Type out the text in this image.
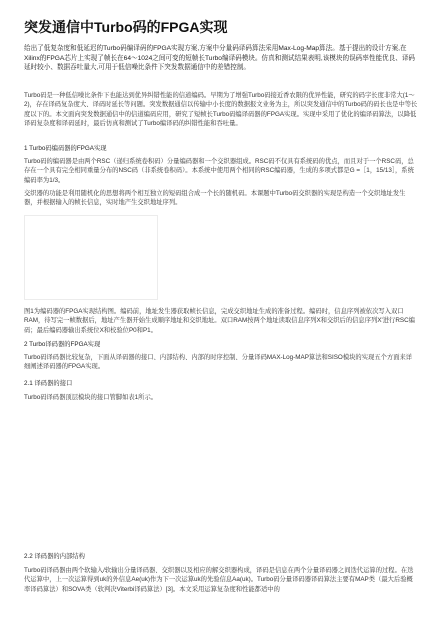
突发通信中Turbo码的FPGA实现

给出了低复杂度和低延迟的Turbo码编译码的FPGA实现方案,方案中分量码译码算法采用Max-Log-Map算法。基于提出的设计方案,在Xilinx的FPGA芯片上实现了帧长在64～1024之间可变的短帧长Turbo编译码模块。仿真和测试结果表明,该模块的误码率性能优良、译码延时较小、数据吞吐量大,可用于低信噪比条件下突发数据通信中的差错控制。

Turbo码是一种低信噪比条件下也能达到优异纠错性能的信道编码。早期为了增强Turbo码接近香农限的优异性能，研究的码字长度非常大(1～2)，存在译码复杂度大、译码时延长等问题。突发数据通信以传输中小长度的数据报文业务为主，所以突发通信中的Turbo码的码长也是中等长度以下的。本文面向突发数据通信中的信道编码应用，研究了短帧长Turbo码编译码器的FPGA实现。实现中采用了优化的编译码算法，以降低译码复杂度和译码延时，最后仿真和测试了Turbo编译码的纠错性能和吞吐量。

1 Turbo码编码器的FPGA实现

Turbo码的编码器是由两个RSC（递归系统卷积码）分量编码器和一个交织器组成。RSC码不仅具有系统码的优点，而且对于一个RSC码，总存在一个具有完全相同重量分布的NSC码（非系统卷积码）。本系统中使用两个相同的RSC编码器，生成的多项式都是G =［1，15/13］，系统编码率为1/3。

交织器的功能是利用随机化的思想将两个相互独立的短码组合成一个长的随机码。本课题中Turbo码交织器的实现是构造一个交织地址发生器，并根据输入的帧长信息，实时地产生交织地址序列。

图1为编码器的FPGA实现结构图。编码前，地址发生器获取帧长信息，完成交织地址生成的准备过程。编码时，信息序列被依次写入双口RAM，待写完一帧数据后，地址产生器开始生成顺序地址和交织地址。双口RAM按两个地址读取信息序列X和交织后的信息序列X'进行RSC编码；最后编码器输出系统位X和校验位P0和P1。

2 Turbo译码器的FPGA实现

Turbo码译码器比较复杂，下面从译码器的接口、内部结构、内部的时序控制、分量译码MAX-Log-MAP算法和SISO模块的实现五个方面来详细阐述译码器的FPGA实现。

2.1 译码器的接口

Turbo码译码器顶层模块的接口管脚如表1所示。

2.2 译码器的内部结构

Turbo码译码器由两个软输入/软输出分量译码器、交织器以及相应的解交织器构成，译码是信息在两个分量译码器之间迭代运算的过程。在迭代运算中，上一次运算得到uk的外信息Ae(uk)作为下一次运算uk的先验信息Aa(uk)。Turbo码分量译码器译码算法主要有MAP类（最大后验概率译码算法）和SOVA类（软判决Viterbi译码算法）[3]。本文采用运算复杂度和性能都适中的
